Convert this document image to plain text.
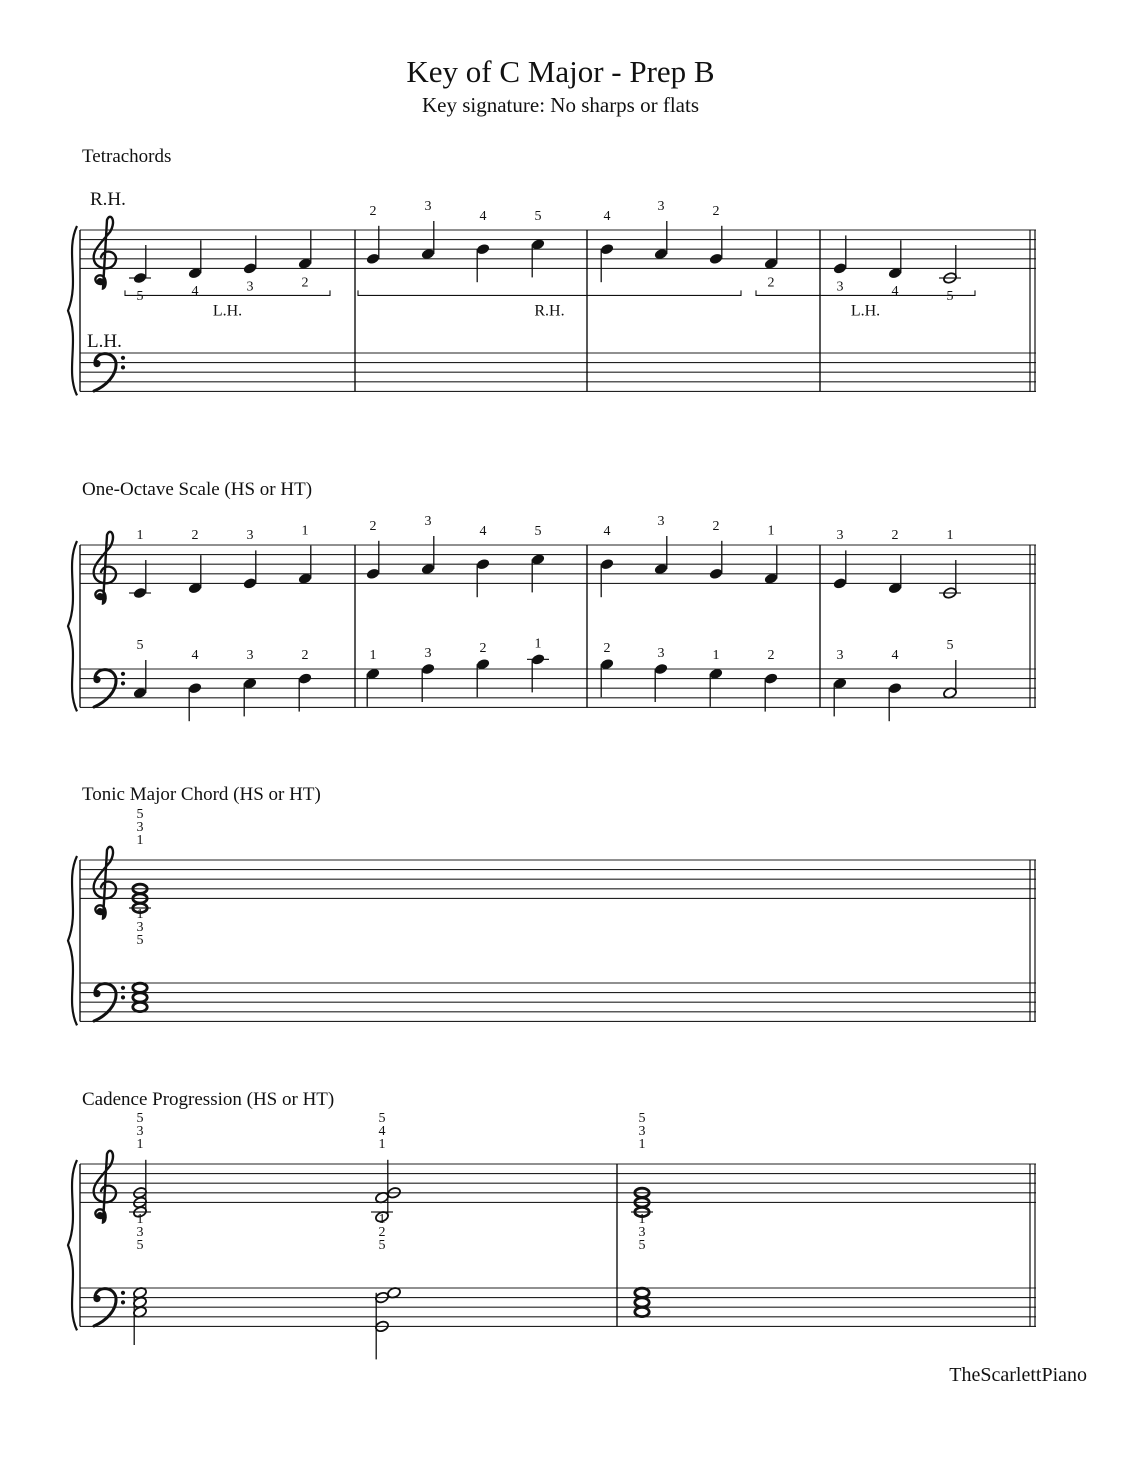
Key of C Major - Prep B
Key signature: No sharps or flats
Tetrachords
R.H.
L.H.
One-Octave Scale (HS or HT)
Tonic Major Chord (HS or HT)
Cadence Progression (HS or HT)
TheScarlettPiano
5	4	3	2
2	3
4	5	4
3	2
2	3	4	5
L.H.	R.H.	L.H.
1	2	3	1
5
4	3	2
2	3
4	5
1	3	2	1
4
3	2	1
2	3	1	2
3	2	1
3	4
5
5
3
1
1
3
5
5
3
1
5
4
1
1
3
5
1
2
5
5
3
1
1
3
5
